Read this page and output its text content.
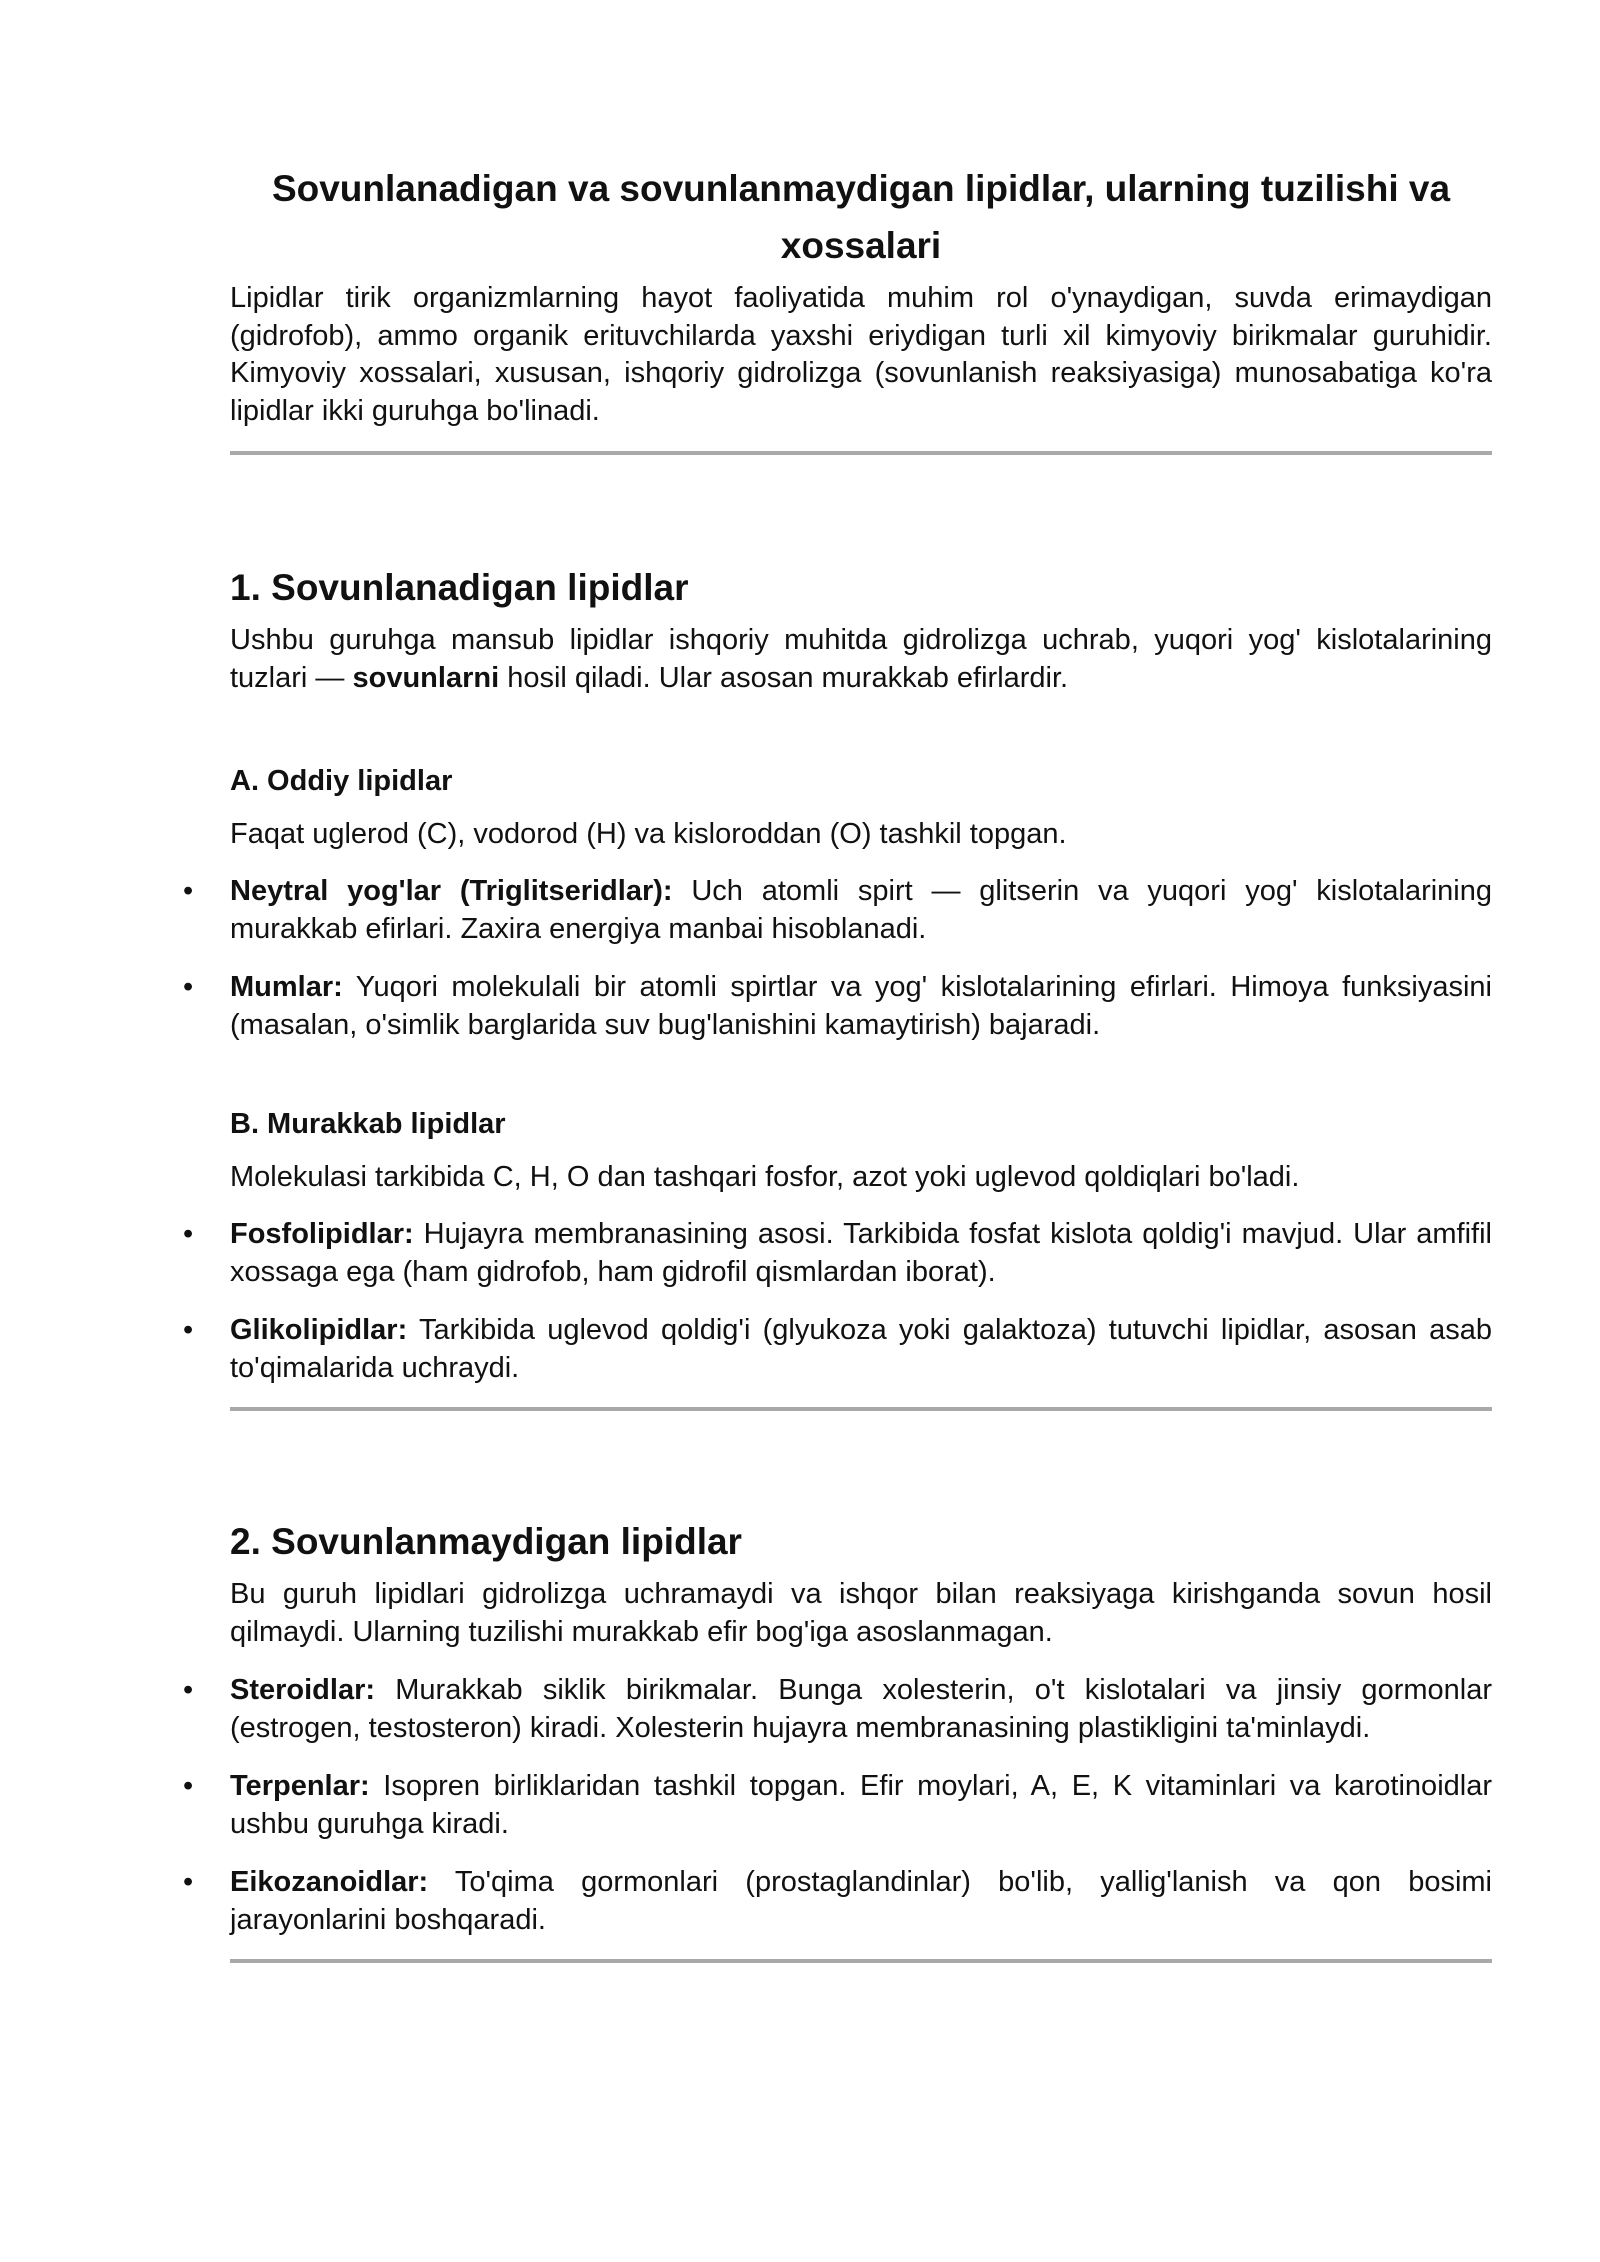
Sovunlanadigan va sovunlanmaydigan lipidlar, ularning tuzilishi va xossalari

Lipidlar tirik organizmlarning hayot faoliyatida muhim rol o'ynaydigan, suvda erimaydigan (gidrofob), ammo organik erituvchilarda yaxshi eriydigan turli xil kimyoviy birikmalar guruhidir. Kimyoviy xossalari, xususan, ishqoriy gidrolizga (sovunlanish reaksiyasiga) munosabatiga ko'ra lipidlar ikki guruhga bo'linadi.

1. Sovunlanadigan lipidlar

Ushbu guruhga mansub lipidlar ishqoriy muhitda gidrolizga uchrab, yuqori yog' kislotalarining tuzlari — sovunlarni hosil qiladi. Ular asosan murakkab efirlardir.

A. Oddiy lipidlar

Faqat uglerod (C), vodorod (H) va kisloroddan (O) tashkil topgan.

• Neytral yog'lar (Triglitseridlar): Uch atomli spirt — glitserin va yuqori yog' kislotalarining murakkab efirlari. Zaxira energiya manbai hisoblanadi.
• Mumlar: Yuqori molekulali bir atomli spirtlar va yog' kislotalarining efirlari. Himoya funksiyasini (masalan, o'simlik barglarida suv bug'lanishini kamaytirish) bajaradi.
B. Murakkab lipidlar

Molekulasi tarkibida C, H, O dan tashqari fosfor, azot yoki uglevod qoldiqlari bo'ladi.

• Fosfolipidlar: Hujayra membranasining asosi. Tarkibida fosfat kislota qoldig'i mavjud. Ular amfifil xossaga ega (ham gidrofob, ham gidrofil qismlardan iborat).
• Glikolipidlar: Tarkibida uglevod qoldig'i (glyukoza yoki galaktoza) tutuvchi lipidlar, asosan asab to'qimalarida uchraydi.
2. Sovunlanmaydigan lipidlar

Bu guruh lipidlari gidrolizga uchramaydi va ishqor bilan reaksiyaga kirishganda sovun hosil qilmaydi. Ularning tuzilishi murakkab efir bog'iga asoslanmagan.

• Steroidlar: Murakkab siklik birikmalar. Bunga xolesterin, o't kislotalari va jinsiy gormonlar (estrogen, testosteron) kiradi. Xolesterin hujayra membranasining plastikligini ta'minlaydi.
• Terpenlar: Isopren birliklaridan tashkil topgan. Efir moylari, A, E, K vitaminlari va karotinoidlar ushbu guruhga kiradi.
• Eikozanoidlar: To'qima gormonlari (prostaglandinlar) bo'lib, yallig'lanish va qon bosimi jarayonlarini boshqaradi.
